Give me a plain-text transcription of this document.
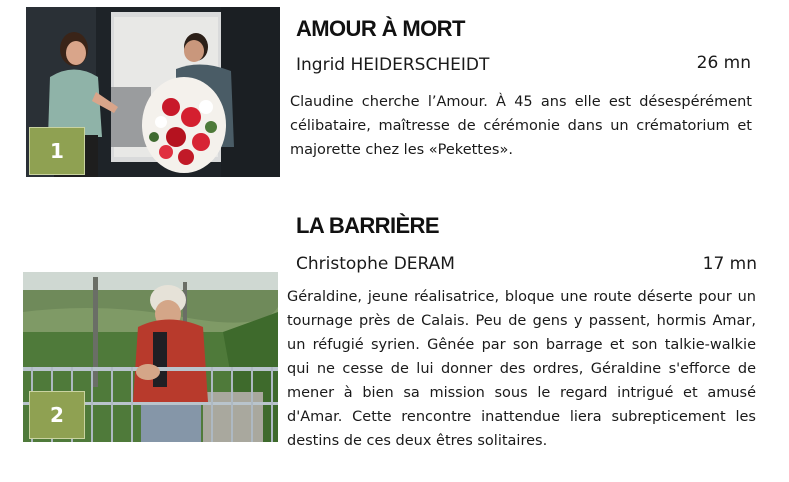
1
AMOUR À MORT
Ingrid HEIDERSCHEIDT	26 mn

Claudine cherche l’Amour. À 45 ans elle est désespérément célibataire, maîtresse de cérémonie dans un crématorium et majorette chez les «Pekettes».

2
LA BARRIÈRE
Christophe DERAM	17 mn

Géraldine, jeune réalisatrice, bloque une route déserte pour un tournage près de Calais. Peu de gens y passent, hormis Amar, un réfugié syrien. Gênée par son barrage et son talkie-walkie qui ne cesse de lui donner des ordres, Géraldine s'efforce de mener à bien sa mission sous le regard intrigué et amusé d'Amar. Cette rencontre inattendue liera subrepticement les destins de ces deux êtres solitaires.
